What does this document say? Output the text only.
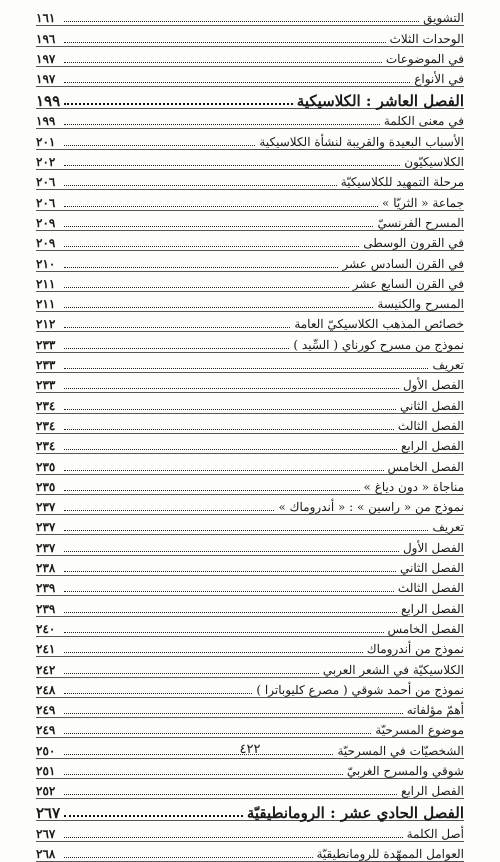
التشويق
١٦١
الوحدات الثلاث
١٩٦
في الموضوعات
١٩٧
في الأنواع
١٩٧
الفصل العاشر : الكلاسيكية
١٩٩
في معنى الكلمة
١٩٩
الأسباب البعيدة والقريبة لنشأة الكلاسيكية
٢٠١
الكلاسيكيّون
٢٠٢
مرحلة التمهيد للكلاسيكيّة
٢٠٦
جماعة « الثريّا »
٢٠٦
المسرح الفرنسيّ
٢٠٩
في القرون الوسطى
٢٠٩
في القرن السادس عشر
٢١٠
في القرن السابع عشر
٢١١
المسرح والكنيسة
٢١١
خصائص المذهب الكلاسيكيّ العامة
٢١٢
نموذج من مسرح كورناي ( السِّيد )
٢٣٣
تعريف
٢٣٣
الفصل الأول
٢٣٣
الفصل الثاني
٢٣٤
الفصل الثالث
٢٣٤
الفصل الرابع
٢٣٤
الفصل الخامس
٢٣٥
مناجاة « دون دياغ »
٢٣٥
نموذج من « راسين » : « أندروماك »
٢٣٧
تعريف
٢٣٧
الفصل الأول
٢٣٧
الفصل الثاني
٢٣٨
الفصل الثالث
٢٣٩
الفصل الرابع
٢٣٩
الفصل الخامس
٢٤٠
نموذج من أندروماك
٢٤١
الكلاسيكيّة في الشعر العربي
٢٤٢
نموذج من أحمد شوقي ( مصرع كليوباترا )
٢٤٨
أهمّ مؤلفاته
٢٤٩
موضوع المسرحيّة
٢٤٩
الشخصيّات في المسرحيّة
٢٥٠
شوقي والمسرح الغربيّ
٢٥١
الفصل الرابع
٢٥٢
الفصل الحادي عشر : الرومانطيقيّة
٢٦٧
أصل الكلمة
٢٦٧
العوامل الممهّدة للرومانطيقيّة
٢٦٨
٤٢٢
